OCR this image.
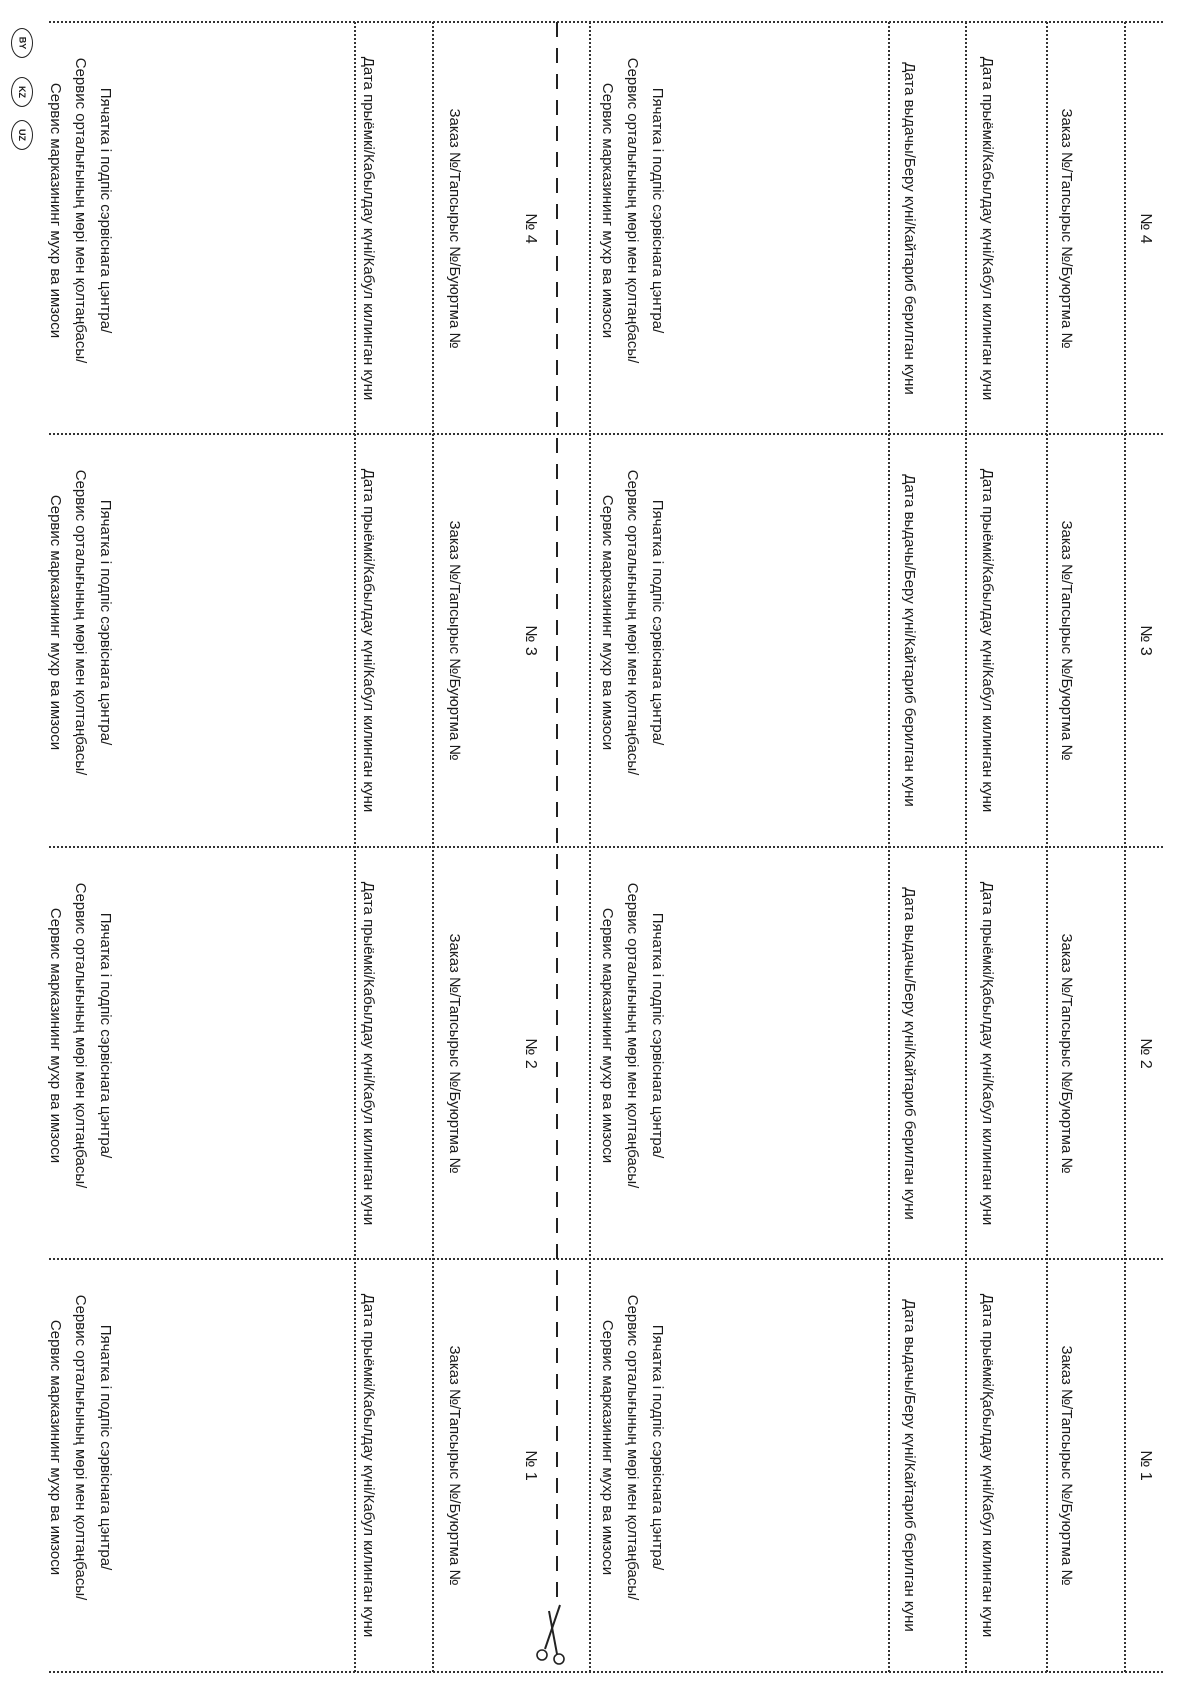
BY
KZ
UZ
№ 4
Заказ №/Тапсырыс №/Буюртма №
Дата прыёмкі/Кабылдау күні/Кабул килинган куни
Дата выдачы/Беру күні/Кайтариб берилган куни
Пячатка і подпіс сэрвіснага цэнтра/
Сервис орталығының мөрі мен қолтаңбасы/
Сервис марказининг мухр ва имзоси
№ 4
Заказ №/Тапсырыс №/Буюртма №
Дата прыёмкі/Кабылдау күні/Кабул килинган куни
Пячатка і подпіс сэрвіснага цэнтра/
Сервис орталығының мөрі мен қолтаңбасы/
Сервис марказининг мухр ва имзоси
№ 3
Заказ №/Тапсырыс №/Буюртма №
Дата прыёмкі/Кабылдау күні/Кабул килинган куни
Дата выдачы/Беру күні/Кайтариб берилган куни
Пячатка і подпіс сэрвіснага цэнтра/
Сервис орталығының мөрі мен қолтаңбасы/
Сервис марказининг мухр ва имзоси
№ 3
Заказ №/Тапсырыс №/Буюртма №
Дата прыёмкі/Кабылдау күні/Кабул килинган куни
Пячатка і подпіс сэрвіснага цэнтра/
Сервис орталығының мөрі мен қолтаңбасы/
Сервис марказининг мухр ва имзоси
№ 2
Заказ №/Тапсырыс №/Буюртма №
Дата прыёмкі/Қабылдау күні/Кабул килинган куни
Дата выдачы/Беру күні/Кайтариб берилган куни
Пячатка і подпіс сэрвіснага цэнтра/
Сервис орталығының мөрі мен қолтаңбасы/
Сервис марказининг мухр ва имзоси
№ 2
Заказ №/Тапсырыс №/Буюртма №
Дата прыёмкі/Кабылдау күні/Кабул килинган куни
Пячатка і подпіс сэрвіснага цэнтра/
Сервис орталығының мөрі мен қолтаңбасы/
Сервис марказининг мухр ва имзоси
№ 1
Заказ №/Тапсырыс №/Буюртма №
Дата прыёмкі/Қабылдау күні/Кабул килинган куни
Дата выдачы/Беру күні/Кайтариб берилган куни
Пячатка і подпіс сэрвіснага цэнтра/
Сервис орталығының мөрі мен қолтаңбасы/
Сервис марказининг мухр ва имзоси
№ 1
Заказ №/Тапсырыс №/Буюртма №
Дата прыёмкі/Кабылдау күні/Кабул килинган куни
Пячатка і подпіс сэрвіснага цэнтра/
Сервис орталығының мөрі мен қолтаңбасы/
Сервис марказининг мухр ва имзоси
